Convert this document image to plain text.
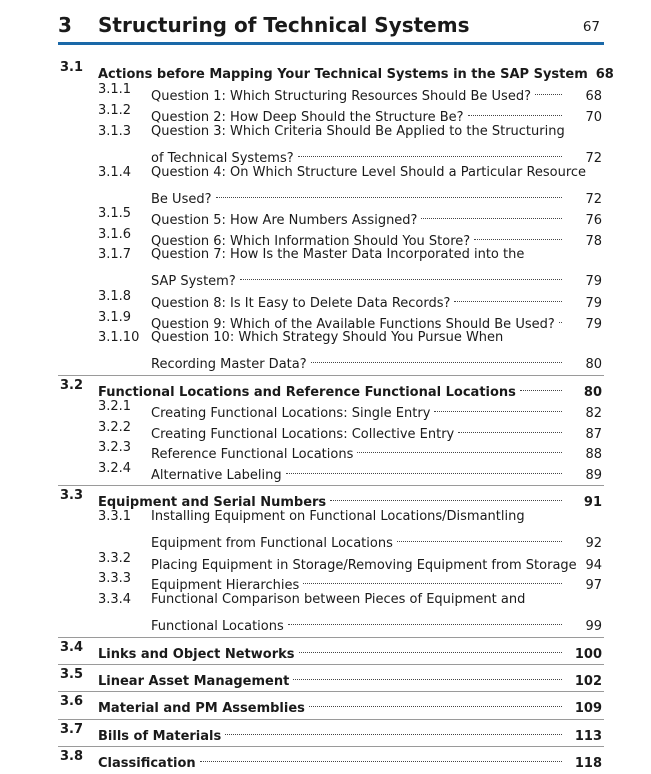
3 Structuring of Technical Systems	67
3.1 Actions before Mapping Your Technical Systems in the SAP System 68
3.1.1 Question 1: Which Structuring Resources Should Be Used?	68
3.1.2 Question 2: How Deep Should the Structure Be?	70
3.1.3 Question 3: Which Criteria Should Be Applied to the Structuring
of Technical Systems?	72
3.1.4 Question 4: On Which Structure Level Should a Particular Resource
Be Used?	72
3.1.5 Question 5: How Are Numbers Assigned?	76
3.1.6 Question 6: Which Information Should You Store?	78
3.1.7 Question 7: How Is the Master Data Incorporated into the
SAP System?	79
3.1.8 Question 8: Is It Easy to Delete Data Records?	79
3.1.9 Question 9: Which of the Available Functions Should Be Used?	79
3.1.10 Question 10: Which Strategy Should You Pursue When
Recording Master Data?	80
3.2 Functional Locations and Reference Functional Locations	80
3.2.1 Creating Functional Locations: Single Entry	82
3.2.2 Creating Functional Locations: Collective Entry	87
3.2.3 Reference Functional Locations	88
3.2.4 Alternative Labeling	89
3.3 Equipment and Serial Numbers	91
3.3.1 Installing Equipment on Functional Locations/Dismantling
Equipment from Functional Locations	92
3.3.2 Placing Equipment in Storage/Removing Equipment from Storage 94
3.3.3 Equipment Hierarchies	97
3.3.4 Functional Comparison between Pieces of Equipment and
Functional Locations	99
3.4 Links and Object Networks	100
3.5 Linear Asset Management	102
3.6 Material and PM Assemblies	109
3.7 Bills of Materials	113
3.8 Classification	118
